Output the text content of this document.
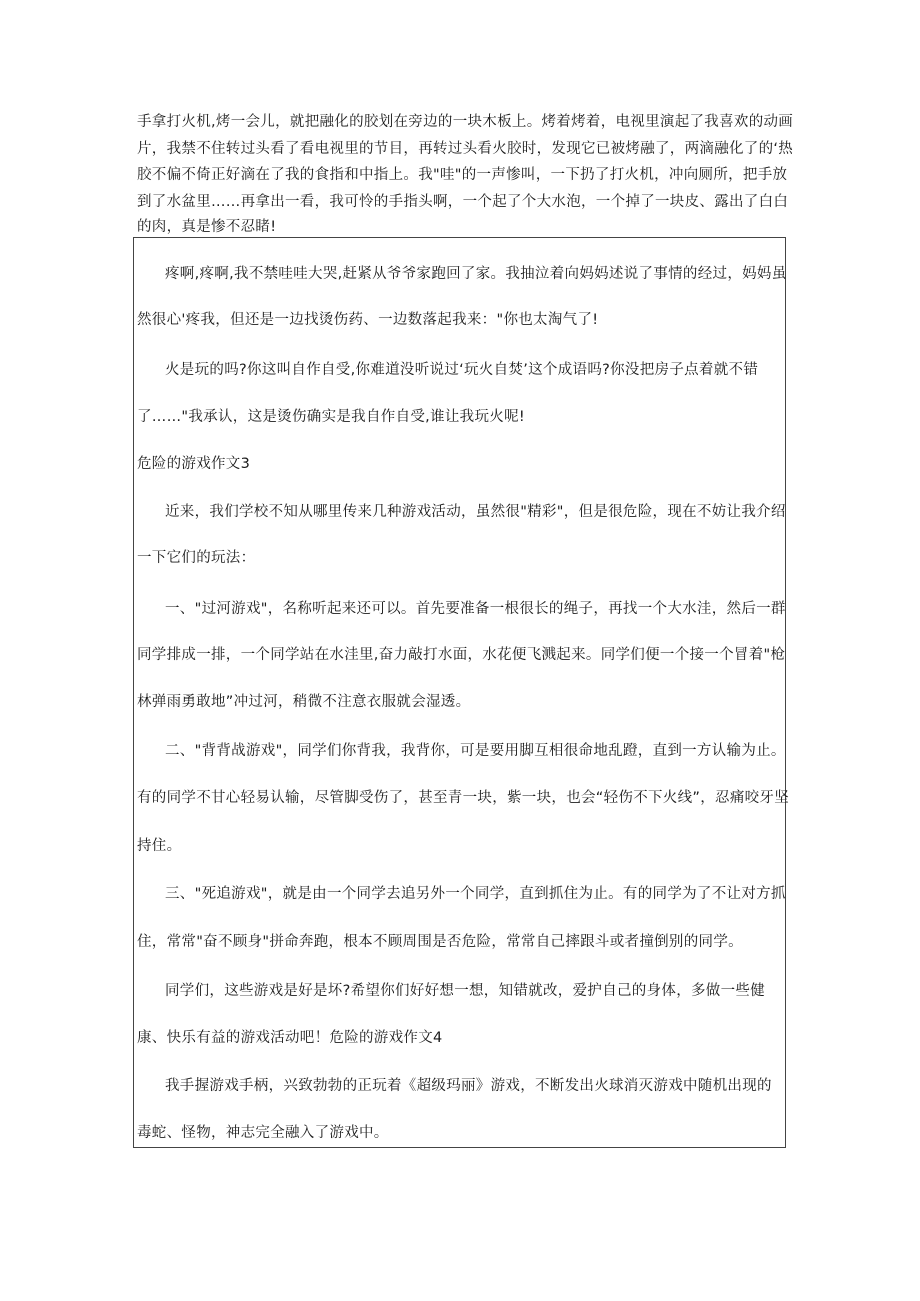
手拿打火机,烤一会儿，就把融化的胶划在旁边的一块木板上。烤着烤着，电视里演起了我喜欢的动画
片，我禁不住转过头看了看电视里的节目，再转过头看火胶时，发现它已被烤融了，两滴融化了的‘热
胶不偏不倚正好滴在了我的食指和中指上。我"哇"的一声惨叫，一下扔了打火机，冲向厕所，把手放
到了水盆里……再拿出一看，我可怜的手指头啊，一个起了个大水泡，一个掉了一块皮、露出了白白
的肉，真是惨不忍睹!
疼啊,疼啊,我不禁哇哇大哭,赶紧从爷爷家跑回了家。我抽泣着向妈妈述说了事情的经过，妈妈虽
然很心'疼我，但还是一边找烫伤药、一边数落起我来："你也太淘气了!
火是玩的吗?你这叫自作自受,你难道没听说过‘玩火自焚’这个成语吗?你没把房子点着就不错
了……"我承认，这是烫伤确实是我自作自受,谁让我玩火呢!
危险的游戏作文3
近来，我们学校不知从哪里传来几种游戏活动，虽然很"精彩"，但是很危险，现在不妨让我介绍
一下它们的玩法：
一、"过河游戏"，名称听起来还可以。首先要准备一根很长的绳子，再找一个大水洼，然后一群
同学排成一排，一个同学站在水洼里,奋力敲打水面，水花便飞溅起来。同学们便一个接一个冒着"枪
林弹雨勇敢地”冲过河，稍微不注意衣服就会湿透。
二、"背背战游戏"，同学们你背我，我背你，可是要用脚互相很命地乱蹬，直到一方认输为止。
有的同学不甘心轻易认输，尽管脚受伤了，甚至青一块，紫一块，也会“轻伤不下火线”，忍痛咬牙坚
持住。
三、"死追游戏"，就是由一个同学去追另外一个同学，直到抓住为止。有的同学为了不让对方抓
住，常常"奋不顾身"拼命奔跑，根本不顾周围是否危险，常常自己摔跟斗或者撞倒别的同学。
同学们，这些游戏是好是坏?希望你们好好想一想，知错就改，爱护自己的身体，多做一些健
康、快乐有益的游戏活动吧！危险的游戏作文4
我手握游戏手柄，兴致勃勃的正玩着《超级玛丽》游戏，不断发出火球消灭游戏中随机出现的
毒蛇、怪物，神志完全融入了游戏中。
